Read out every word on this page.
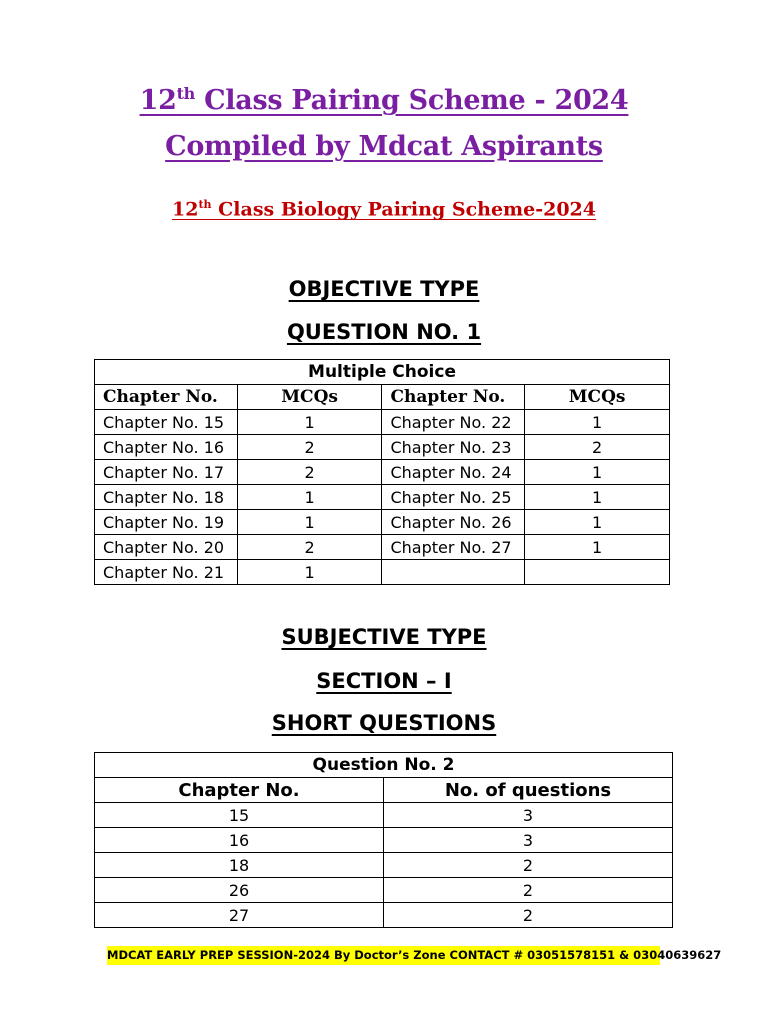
12th Class Pairing Scheme - 2024
Compiled by Mdcat Aspirants
12th Class Biology Pairing Scheme-2024
OBJECTIVE TYPE
QUESTION NO. 1
Multiple Choice			
Chapter No.	MCQs	Chapter No.	MCQs
Chapter No. 15	1	Chapter No. 22	1
Chapter No. 16	2	Chapter No. 23	2
Chapter No. 17	2	Chapter No. 24	1
Chapter No. 18	1	Chapter No. 25	1
Chapter No. 19	1	Chapter No. 26	1
Chapter No. 20	2	Chapter No. 27	1
Chapter No. 21	1		
SUBJECTIVE TYPE
SECTION – I
SHORT QUESTIONS
Question No. 2	
Chapter No.	No. of questions
15	3
16	3
18	2
26	2
27	2
MDCAT EARLY PREP SESSION-2024 By Doctor’s Zone CONTACT # 03051578151 & 03040639627
